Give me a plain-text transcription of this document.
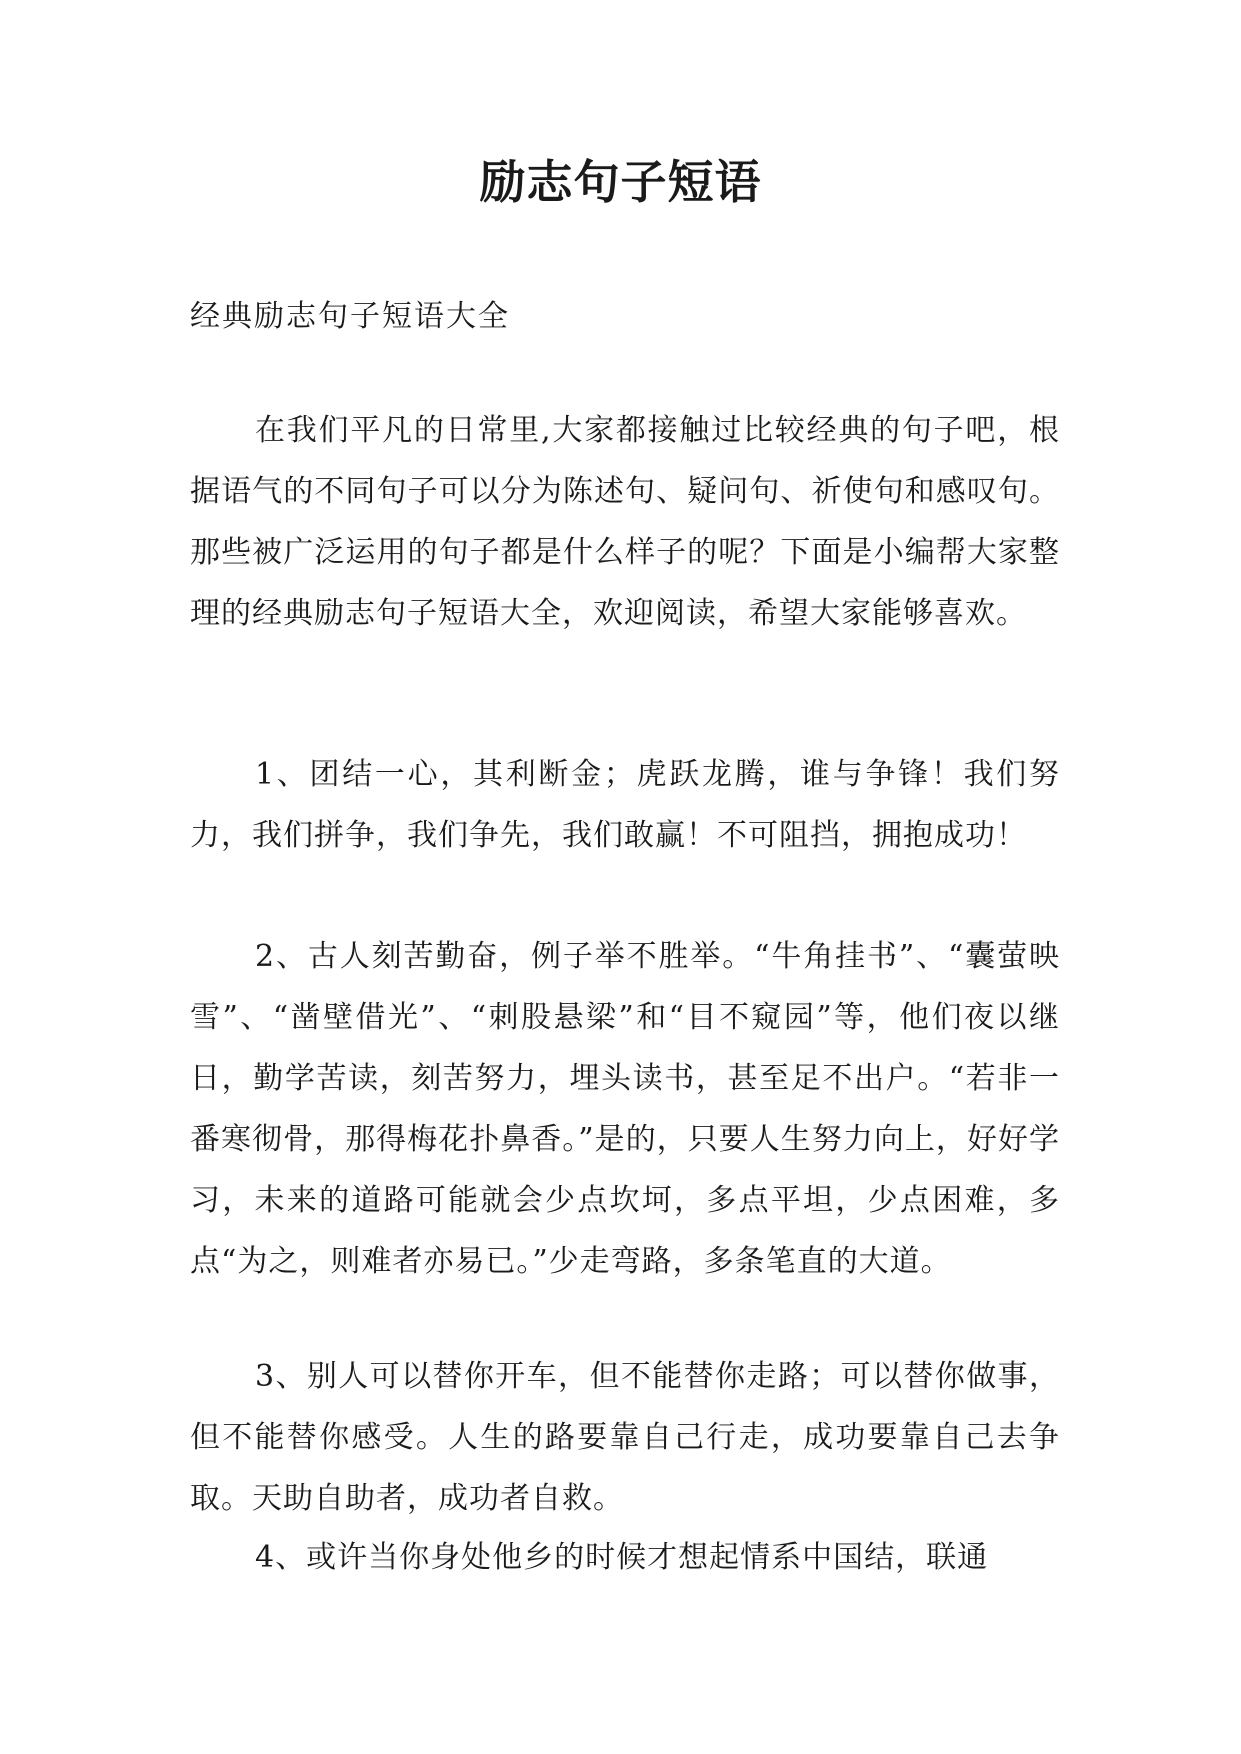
励志句子短语
经典励志句子短语大全

在我们平凡的日常里,大家都接触过比较经典的句子吧，根据语气的不同句子可以分为陈述句、疑问句、祈使句和感叹句。那些被广泛运用的句子都是什么样子的呢？下面是小编帮大家整理的经典励志句子短语大全，欢迎阅读，希望大家能够喜欢。

1、团结一心，其利断金；虎跃龙腾，谁与争锋！我们努力，我们拼争，我们争先，我们敢赢！不可阻挡，拥抱成功！

2、古人刻苦勤奋，例子举不胜举。“牛角挂书”、“囊萤映雪”、“凿壁借光”、“刺股悬梁”和“目不窥园”等，他们夜以继日，勤学苦读，刻苦努力，埋头读书，甚至足不出户。“若非一番寒彻骨，那得梅花扑鼻香。”是的，只要人生努力向上，好好学习，未来的道路可能就会少点坎坷，多点平坦，少点困难，多点“为之，则难者亦易已。”少走弯路，多条笔直的大道。

3、别人可以替你开车，但不能替你走路；可以替你做事，但不能替你感受。人生的路要靠自己行走，成功要靠自己去争取。天助自助者，成功者自救。

4、或许当你身处他乡的时候才想起情系中国结，联通
